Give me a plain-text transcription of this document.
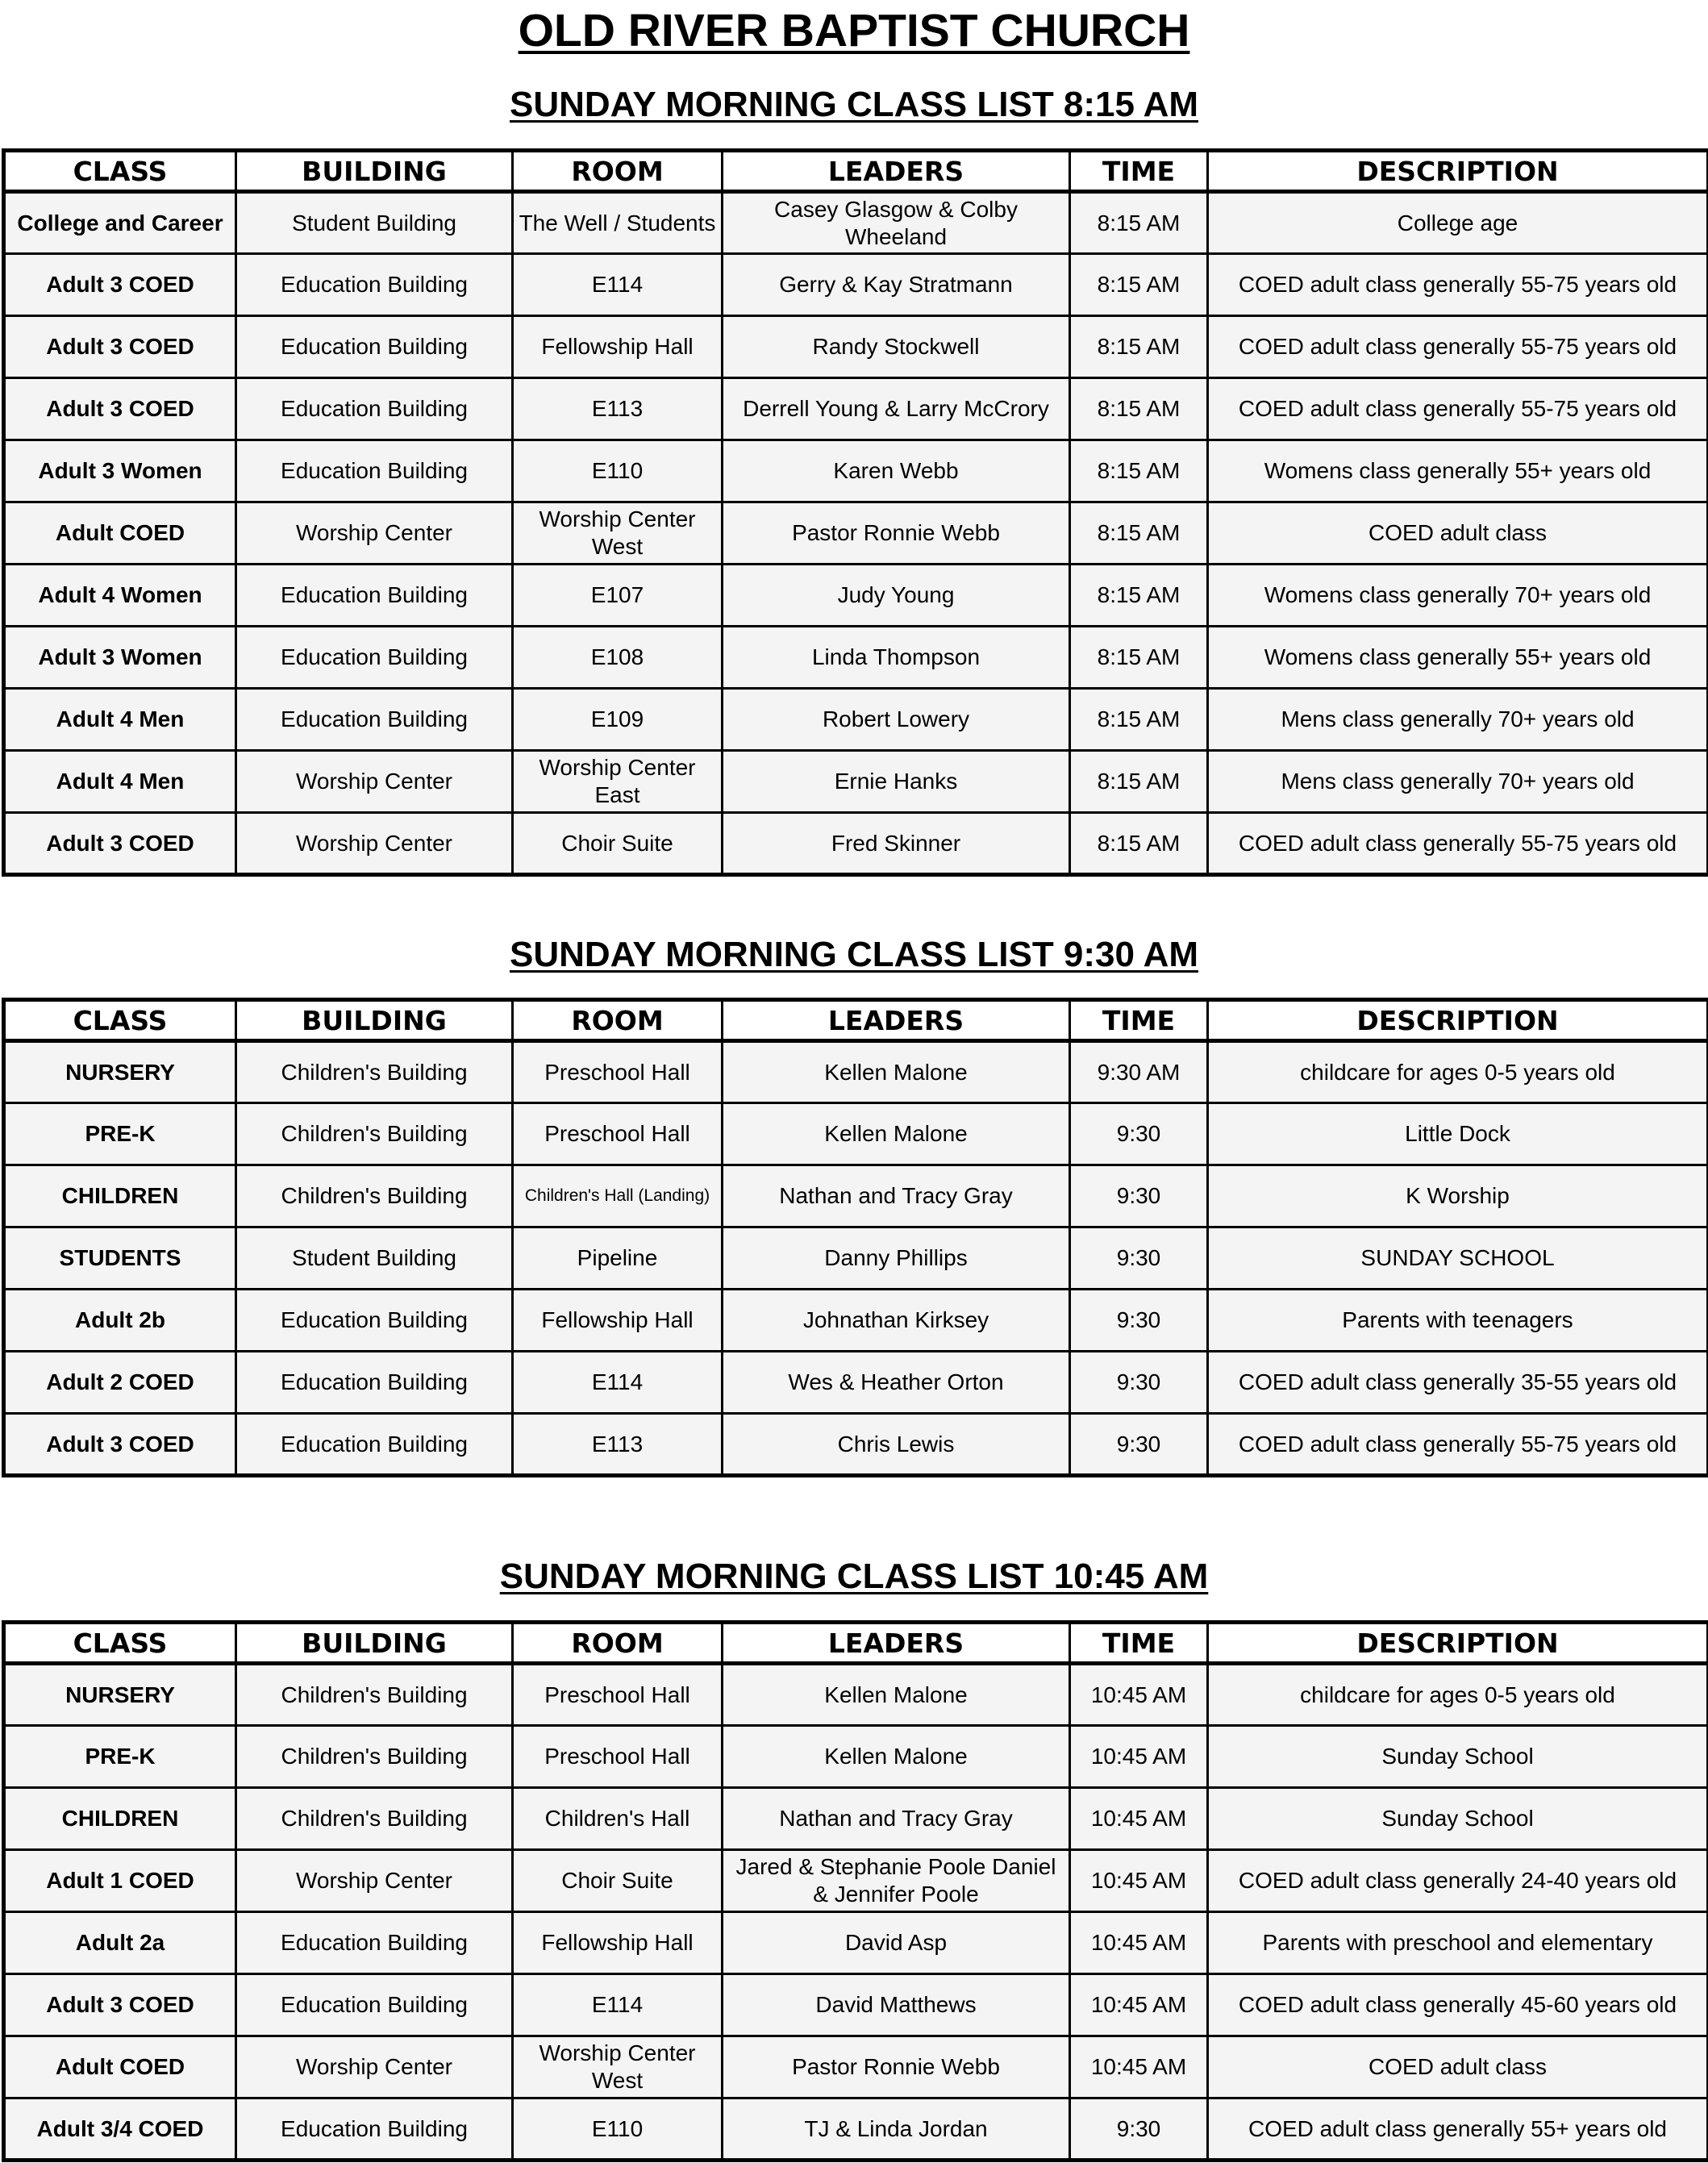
OLD RIVER BAPTIST CHURCH
SUNDAY MORNING CLASS LIST 8:15 AM
CLASS	BUILDING	ROOM	LEADERS	TIME	DESCRIPTION
College and Career	Student Building	The Well / Students	Casey Glasgow & Colby Wheeland	8:15 AM	College age
Adult 3 COED	Education Building	E114	Gerry & Kay Stratmann	8:15 AM	COED adult class generally 55-75 years old
Adult 3 COED	Education Building	Fellowship Hall	Randy Stockwell	8:15 AM	COED adult class generally 55-75 years old
Adult 3 COED	Education Building	E113	Derrell Young & Larry McCrory	8:15 AM	COED adult class generally 55-75 years old
Adult 3 Women	Education Building	E110	Karen Webb	8:15 AM	Womens class generally 55+ years old
Adult COED	Worship Center	Worship Center West	Pastor Ronnie Webb	8:15 AM	COED adult class
Adult 4 Women	Education Building	E107	Judy Young	8:15 AM	Womens class generally 70+ years old
Adult 3 Women	Education Building	E108	Linda Thompson	8:15 AM	Womens class generally 55+ years old
Adult 4 Men	Education Building	E109	Robert Lowery	8:15 AM	Mens class generally 70+ years old
Adult 4 Men	Worship Center	Worship Center East	Ernie Hanks	8:15 AM	Mens class generally 70+ years old
Adult 3 COED	Worship Center	Choir Suite	Fred Skinner	8:15 AM	COED adult class generally 55-75 years old
SUNDAY MORNING CLASS LIST 9:30 AM
CLASS	BUILDING	ROOM	LEADERS	TIME	DESCRIPTION
NURSERY	Children's Building	Preschool Hall	Kellen Malone	9:30 AM	childcare for ages 0-5 years old
PRE-K	Children's Building	Preschool Hall	Kellen Malone	9:30	Little Dock
CHILDREN	Children's Building	Children's Hall (Landing)	Nathan and Tracy Gray	9:30	K Worship
STUDENTS	Student Building	Pipeline	Danny Phillips	9:30	SUNDAY SCHOOL
Adult 2b	Education Building	Fellowship Hall	Johnathan Kirksey	9:30	Parents with teenagers
Adult 2 COED	Education Building	E114	Wes & Heather Orton	9:30	COED adult class generally 35-55 years old
Adult 3 COED	Education Building	E113	Chris Lewis	9:30	COED adult class generally 55-75 years old
SUNDAY MORNING CLASS LIST 10:45 AM
CLASS	BUILDING	ROOM	LEADERS	TIME	DESCRIPTION
NURSERY	Children's Building	Preschool Hall	Kellen Malone	10:45 AM	childcare for ages 0-5 years old
PRE-K	Children's Building	Preschool Hall	Kellen Malone	10:45 AM	Sunday School
CHILDREN	Children's Building	Children's Hall	Nathan and Tracy Gray	10:45 AM	Sunday School
Adult 1 COED	Worship Center	Choir Suite	Jared & Stephanie Poole Daniel & Jennifer Poole	10:45 AM	COED adult class generally 24-40 years old
Adult 2a	Education Building	Fellowship Hall	David Asp	10:45 AM	Parents with preschool and elementary
Adult 3 COED	Education Building	E114	David Matthews	10:45 AM	COED adult class generally 45-60 years old
Adult COED	Worship Center	Worship Center West	Pastor Ronnie Webb	10:45 AM	COED adult class
Adult 3/4 COED	Education Building	E110	TJ & Linda Jordan	9:30	COED adult class generally 55+ years old
